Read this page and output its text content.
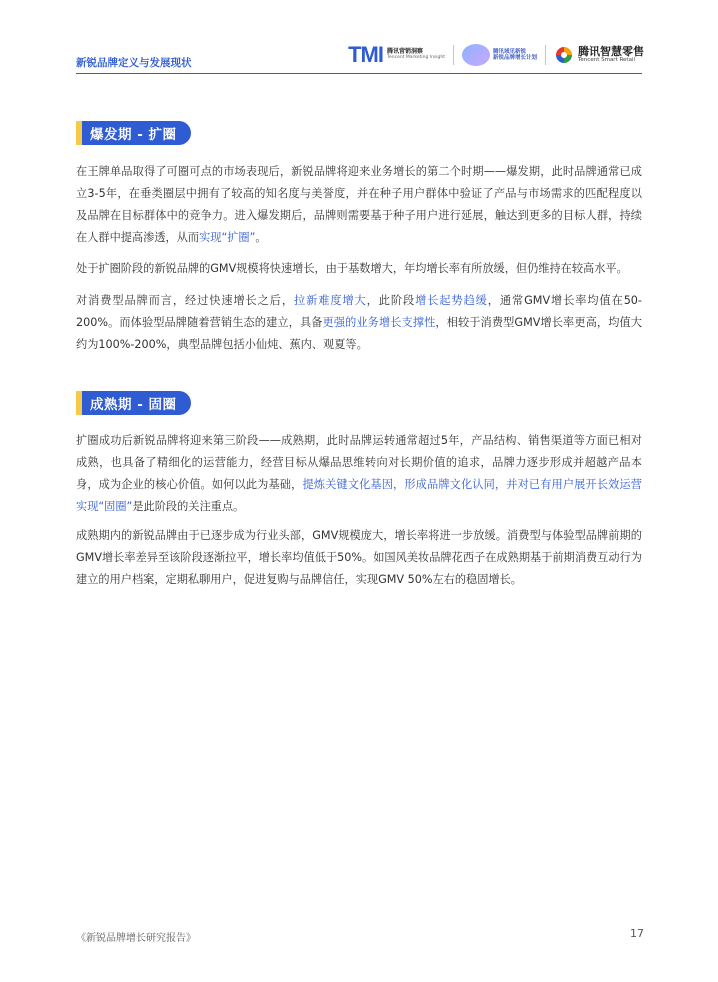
新锐品牌定义与发展现状	TMI 腾讯营销洞察
Tencent Marketing Insight
腾讯域见新锐
新锐品牌增长计划	腾讯智慧零售
Tencent Smart Retail
爆发期 - 扩圈

在王牌单品取得了可圈可点的市场表现后，新锐品牌将迎来业务增长的第二个时期——爆发期，此时品牌通常已成立3-5年，在垂类圈层中拥有了较高的知名度与美誉度，并在种子用户群体中验证了产品与市场需求的匹配程度以及品牌在目标群体中的竞争力。进入爆发期后，品牌则需要基于种子用户进行延展，触达到更多的目标人群，持续在人群中提高渗透，从而实现“扩圈”。

处于扩圈阶段的新锐品牌的GMV规模将快速增长，由于基数增大，年均增长率有所放缓，但仍维持在较高水平。

对消费型品牌而言，经过快速增长之后，拉新难度增大，此阶段增长起势趋缓，通常GMV增长率均值在50-200%。而体验型品牌随着营销生态的建立，具备更强的业务增长支撑性，相较于消费型GMV增长率更高，均值大约为100%-200%，典型品牌包括小仙炖、蕉内、观夏等。

成熟期 - 固圈

扩圈成功后新锐品牌将迎来第三阶段——成熟期，此时品牌运转通常超过5年，产品结构、销售渠道等方面已相对成熟，也具备了精细化的运营能力，经营目标从爆品思维转向对长期价值的追求，品牌力逐步形成并超越产品本身，成为企业的核心价值。如何以此为基础，提炼关键文化基因，形成品牌文化认同，并对已有用户展开长效运营实现“固圈”是此阶段的关注重点。

成熟期内的新锐品牌由于已逐步成为行业头部，GMV规模庞大，增长率将进一步放缓。消费型与体验型品牌前期的GMV增长率差异至该阶段逐渐拉平，增长率均值低于50%。如国风美妆品牌花西子在成熟期基于前期消费互动行为建立的用户档案，定期私聊用户，促进复购与品牌信任，实现GMV 50%左右的稳固增长。

《新锐品牌增长研究报告》	17
